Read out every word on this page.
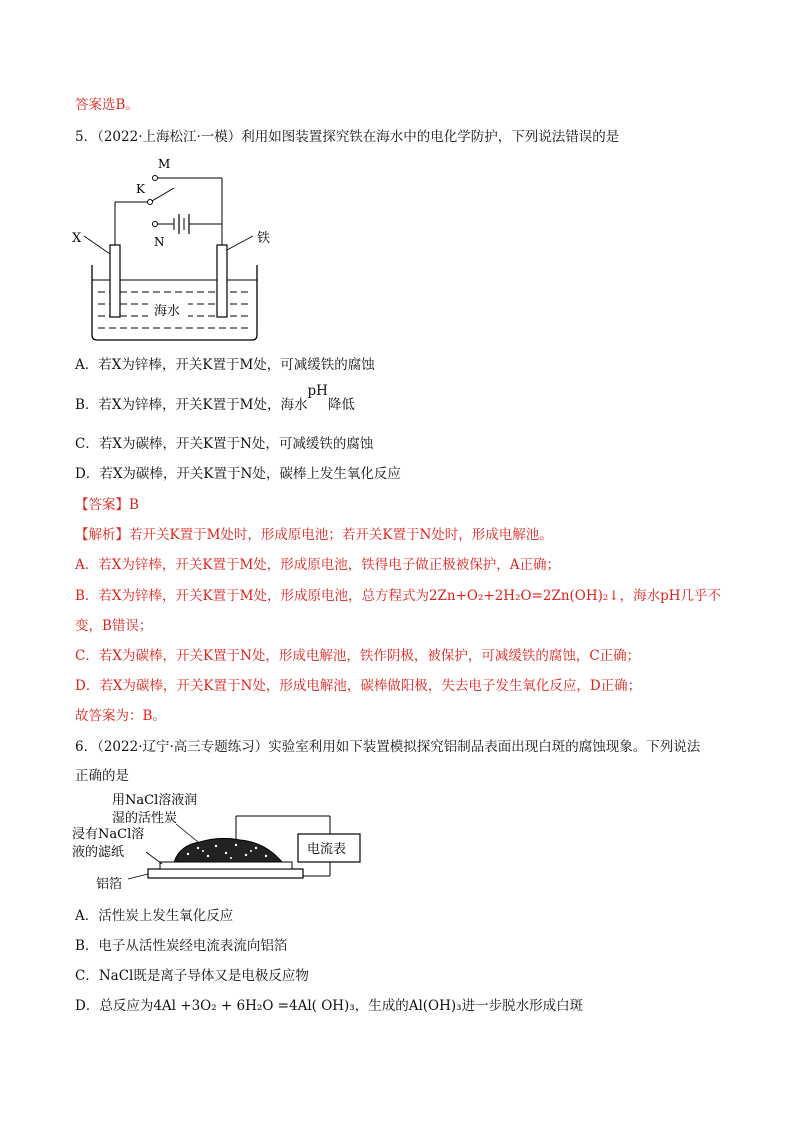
答案选B。
5．（2022·上海松江·一模）利用如图装置探究铁在海水中的电化学防护，下列说法错误的是
M
K
N
X	铁
海水
A．若X为锌棒，开关K置于M处，可减缓铁的腐蚀
B．若X为锌棒，开关K置于M处，海水pH降低
C．若X为碳棒，开关K置于N处，可减缓铁的腐蚀
D．若X为碳棒，开关K置于N处，碳棒上发生氧化反应
【答案】B
【解析】若开关K置于M处时，形成原电池；若开关K置于N处时，形成电解池。
A．若X为锌棒，开关K置于M处，形成原电池，铁得电子做正极被保护，A正确；
B．若X为锌棒，开关K置于M处，形成原电池，总方程式为2Zn+O₂+2H₂O=2Zn(OH)₂↓，海水pH几乎不
变，B错误；
C．若X为碳棒，开关K置于N处，形成电解池，铁作阴极，被保护，可减缓铁的腐蚀，C正确；
D．若X为碳棒，开关K置于N处，形成电解池，碳棒做阳极，失去电子发生氧化反应，D正确；
故答案为：B。
6．（2022·辽宁·高三专题练习）实验室利用如下装置模拟探究铝制品表面出现白斑的腐蚀现象。下列说法
正确的是
电流表
用NaCl溶液润
湿的活性炭
浸有NaCl溶
液的滤纸
铝箔
A．活性炭上发生氧化反应
B．电子从活性炭经电流表流向铝箔
C．NaCl既是离子导体又是电极反应物
D．总反应为4Al +3O₂ + 6H₂O =4Al( OH)₃，生成的Al(OH)₃进一步脱水形成白斑
